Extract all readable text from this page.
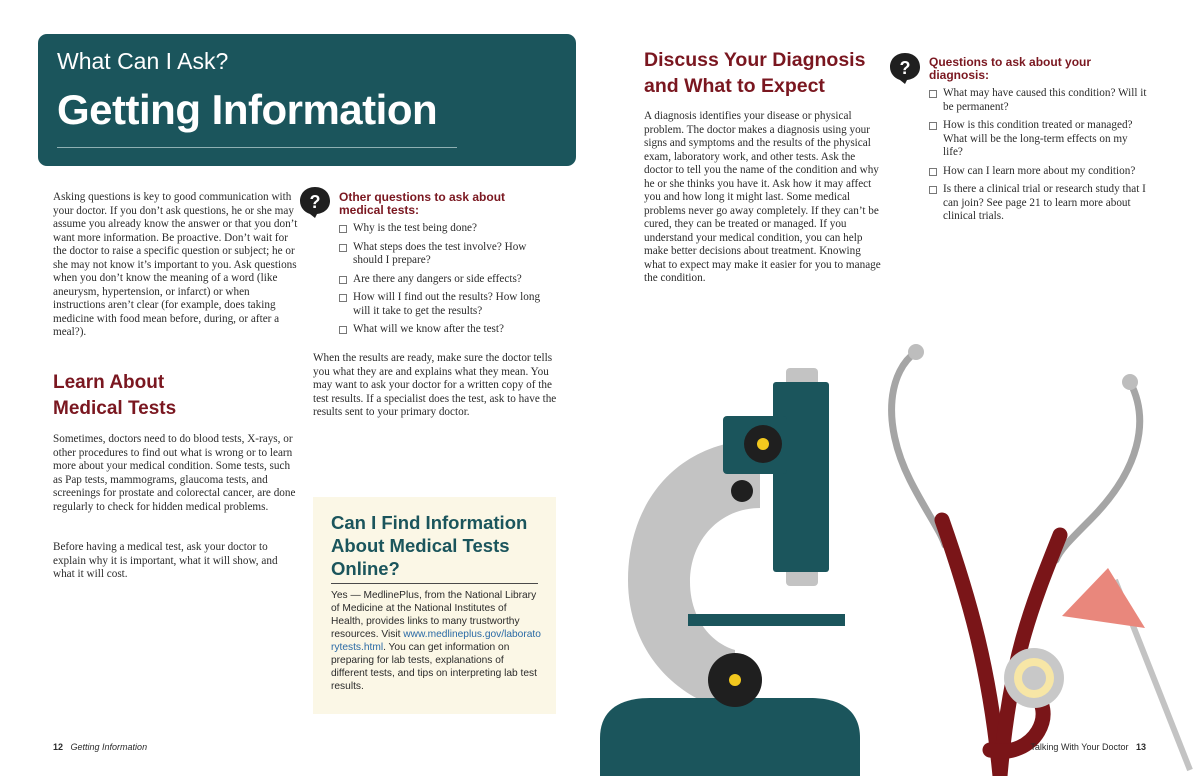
What Can I Ask?
Getting Information
Asking questions is key to good communication with your doctor. If you don’t ask questions, he or she may assume you already know the answer or that you don’t want more information. Be proactive. Don’t wait for the doctor to raise a specific question or subject; he or she may not know it’s important to you. Ask questions when you don’t know the meaning of a word (like aneurysm, hypertension, or infarct) or when instructions aren’t clear (for example, does taking medicine with food mean before, during, or after a meal?).
Learn About
Medical Tests
Sometimes, doctors need to do blood tests, X-rays, or other procedures to find out what is wrong or to learn more about your medical condition. Some tests, such as Pap tests, mammograms, glaucoma tests, and screenings for prostate and colorectal cancer, are done regularly to check for hidden medical problems.
Before having a medical test, ask your doctor to explain why it is important, what it will show, and what it will cost.
? Other questions to ask about medical tests:
Why is the test being done?
What steps does the test involve? How should I prepare?
Are there any dangers or side effects?
How will I find out the results? How long will it take to get the results?
What will we know after the test?
When the results are ready, make sure the doctor tells you what they are and explains what they mean. You may want to ask your doctor for a written copy of the test results. If a specialist does the test, ask to have the results sent to your primary doctor.
Can I Find Information About Medical Tests Online?
Yes — MedlinePlus, from the National Library of Medicine at the National Institutes of Health, provides links to many trustworthy resources. Visit www.medlineplus.gov/laboratorytests.html. You can get information on preparing for lab tests, explanations of different tests, and tips on interpreting lab test results.
Discuss Your Diagnosis
and What to Expect
A diagnosis identifies your disease or physical problem. The doctor makes a diagnosis using your signs and symptoms and the results of the physical exam, laboratory work, and other tests. Ask the doctor to tell you the name of the condition and why he or she thinks you have it. Ask how it may affect you and how long it might last. Some medical problems never go away completely. If they can’t be cured, they can be treated or managed. If you understand your medical condition, you can help make better decisions about treatment. Knowing what to expect may make it easier for you to manage the condition.
? Questions to ask about your diagnosis:
What may have caused this condition? Will it be permanent?
How is this condition treated or managed? What will be the long-term effects on my life?
How can I learn more about my condition?
Is there a clinical trial or research study that I can join? See page 21 to learn more about clinical trials.
12 Getting Information	Talking With Your Doctor 13
